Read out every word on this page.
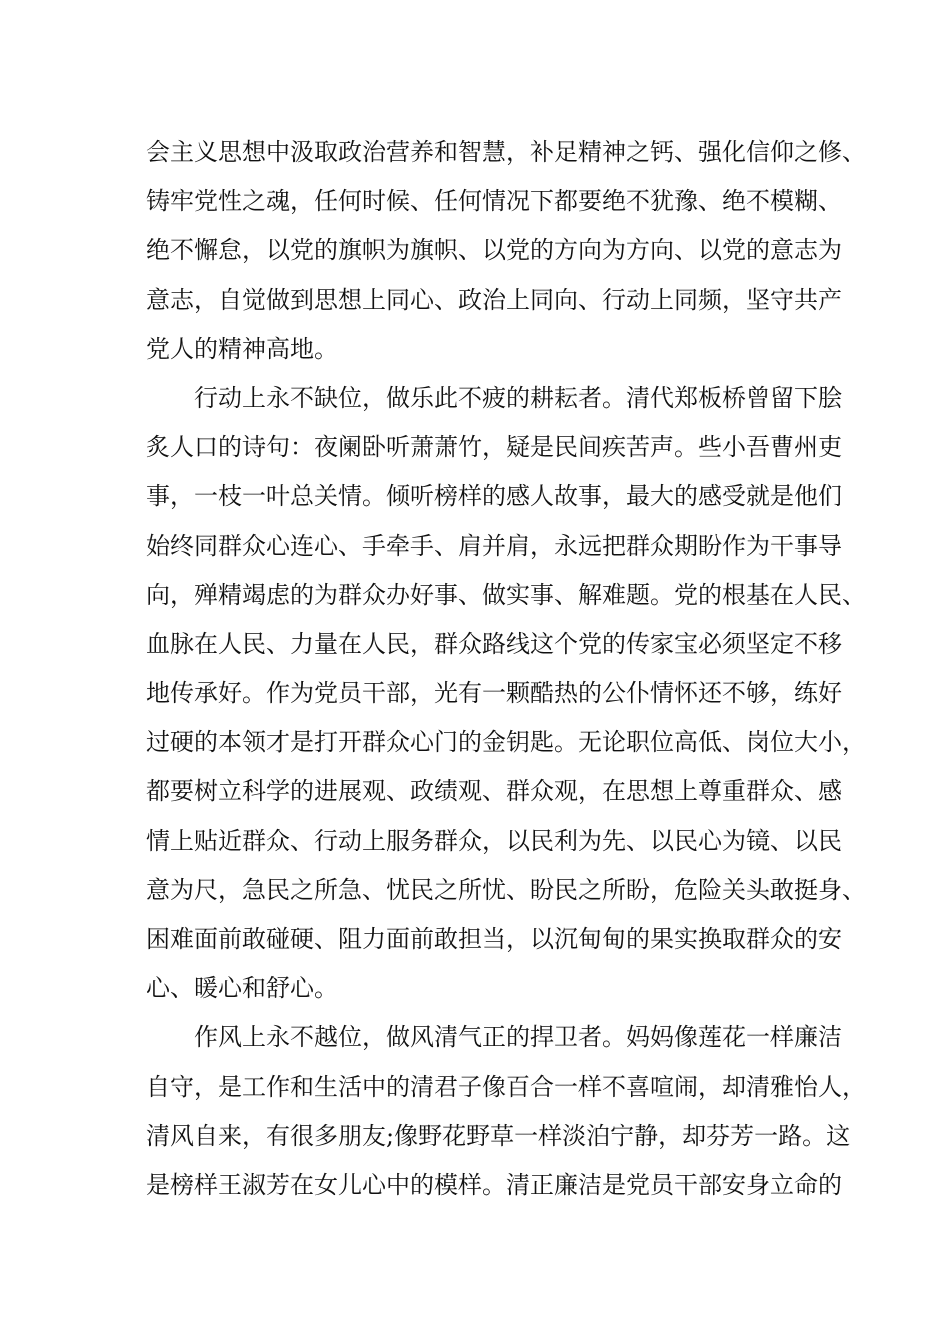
会主义思想中汲取政治营养和智慧，补足精神之钙、强化信仰之修、
铸牢党性之魂，任何时候、任何情况下都要绝不犹豫、绝不模糊、
绝不懈怠，以党的旗帜为旗帜、以党的方向为方向、以党的意志为
意志，自觉做到思想上同心、政治上同向、行动上同频，坚守共产
党人的精神高地。
行动上永不缺位，做乐此不疲的耕耘者。清代郑板桥曾留下脍
炙人口的诗句：夜阑卧听萧萧竹，疑是民间疾苦声。些小吾曹州吏
事，一枝一叶总关情。倾听榜样的感人故事，最大的感受就是他们
始终同群众心连心、手牵手、肩并肩，永远把群众期盼作为干事导
向，殚精竭虑的为群众办好事、做实事、解难题。党的根基在人民、
血脉在人民、力量在人民，群众路线这个党的传家宝必须坚定不移
地传承好。作为党员干部，光有一颗酷热的公仆情怀还不够，练好
过硬的本领才是打开群众心门的金钥匙。无论职位高低、岗位大小，
都要树立科学的进展观、政绩观、群众观，在思想上尊重群众、感
情上贴近群众、行动上服务群众，以民利为先、以民心为镜、以民
意为尺，急民之所急、忧民之所忧、盼民之所盼，危险关头敢挺身、
困难面前敢碰硬、阻力面前敢担当，以沉甸甸的果实换取群众的安
心、暖心和舒心。
作风上永不越位，做风清气正的捍卫者。妈妈像莲花一样廉洁
自守，是工作和生活中的清君子像百合一样不喜喧闹，却清雅怡人，
清风自来，有很多朋友;像野花野草一样淡泊宁静，却芬芳一路。这
是榜样王淑芳在女儿心中的模样。清正廉洁是党员干部安身立命的
